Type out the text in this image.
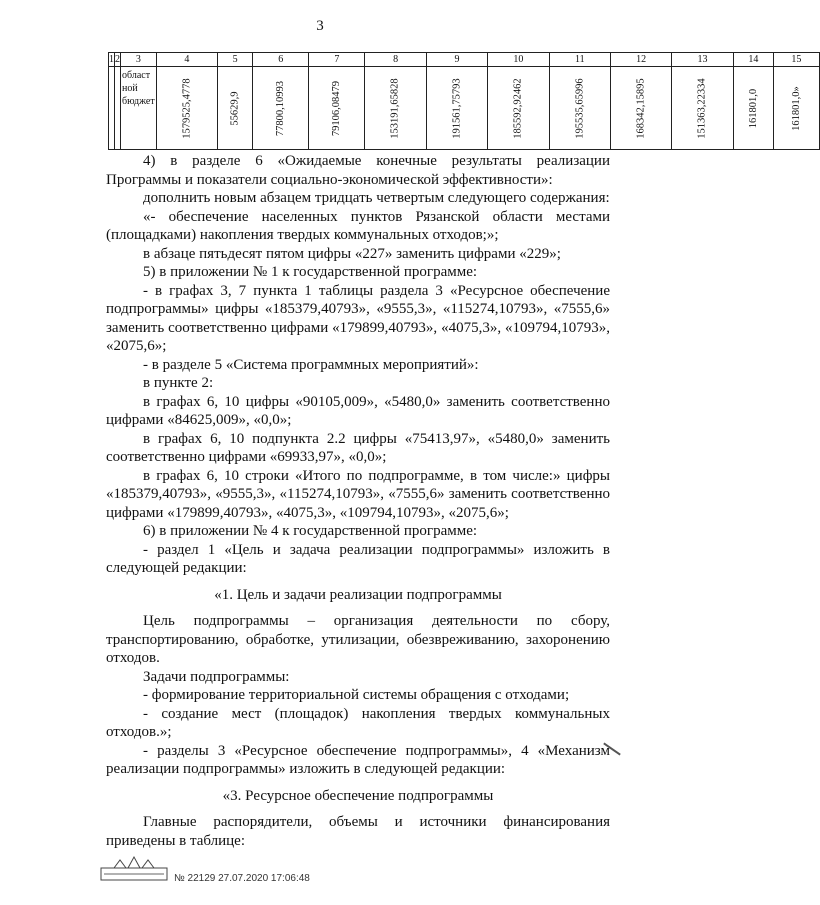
3
1	2	3	4	5	6	7	8	9	10	11	12	13	14	15

		област ной бюджет	1579525,4778	55629,9	77800,10993	79106,08479	153191,65828	191561,75793	185592,92462	195535,65996	168342,15895	151363,22334	161801,0	161801,0»

4) в разделе 6 «Ожидаемые конечные результаты реализации Программы и показатели социально-экономической эффективности»:

дополнить новым абзацем тридцать четвертым следующего содержания:

«- обеспечение населенных пунктов Рязанской области местами (площадками) накопления твердых коммунальных отходов;»;

в абзаце пятьдесят пятом цифры «227» заменить цифрами «229»;

5) в приложении № 1 к государственной программе:

- в графах 3, 7 пункта 1 таблицы раздела 3 «Ресурсное обеспечение подпрограммы» цифры «185379,40793», «9555,3», «115274,10793», «7555,6» заменить соответственно цифрами «179899,40793», «4075,3», «109794,10793», «2075,6»;

- в разделе 5 «Система программных мероприятий»:

в пункте 2:

в графах 6, 10 цифры «90105,009», «5480,0» заменить соответственно цифрами «84625,009», «0,0»;

в графах 6, 10 подпункта 2.2 цифры «75413,97», «5480,0» заменить соответственно цифрами «69933,97», «0,0»;

в графах 6, 10 строки «Итого по подпрограмме, в том числе:» цифры «185379,40793», «9555,3», «115274,10793», «7555,6» заменить соответственно цифрами «179899,40793», «4075,3», «109794,10793», «2075,6»;

6) в приложении № 4 к государственной программе:

- раздел 1 «Цель и задача реализации подпрограммы» изложить в следующей редакции:

«1. Цель и задачи реализации подпрограммы

Цель подпрограммы – организация деятельности по сбору, транспортированию, обработке, утилизации, обезвреживанию, захоронению отходов.

Задачи подпрограммы:

- формирование территориальной системы обращения с отходами;

- создание мест (площадок) накопления твердых коммунальных отходов.»;

- разделы 3 «Ресурсное обеспечение подпрограммы», 4 «Механизм реализации подпрограммы» изложить в следующей редакции:

«3. Ресурсное обеспечение подпрограммы

Главные распорядители, объемы и источники финансирования приведены в таблице:

№ 22129 27.07.2020 17:06:48
